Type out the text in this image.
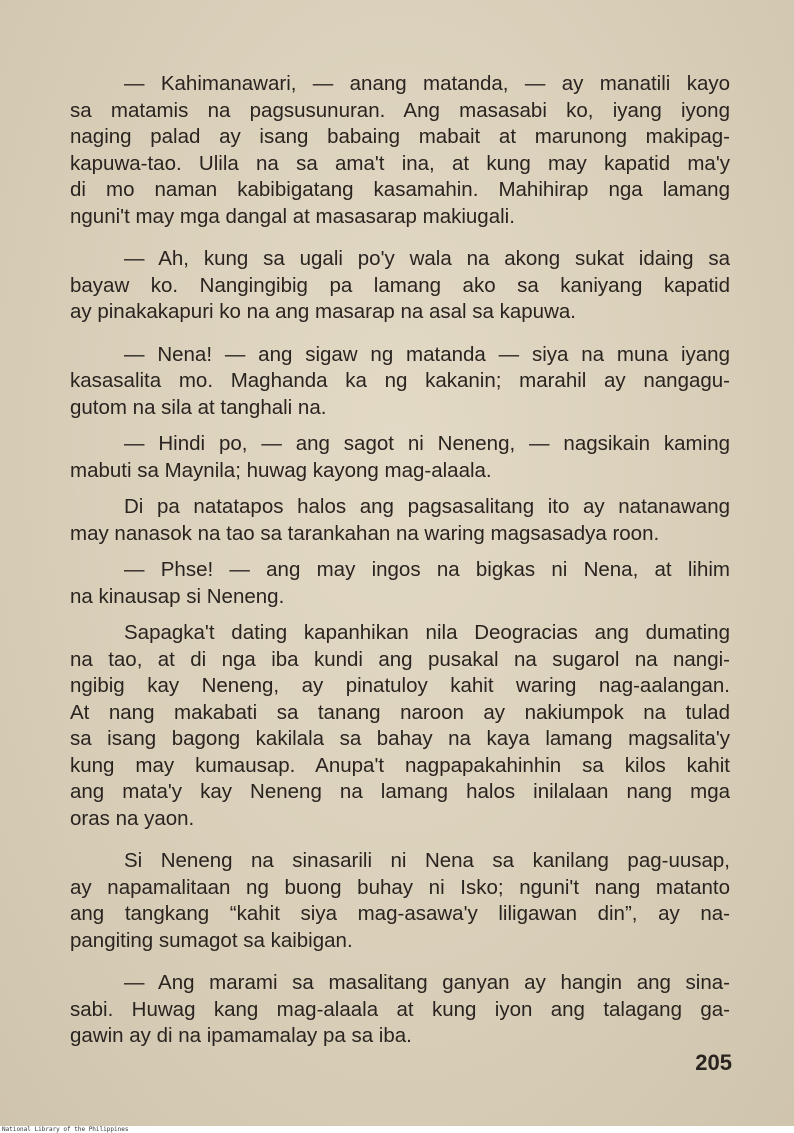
— Kahimanawari, — anang matanda, — ay manatili kayo
sa matamis na pagsusunuran. Ang masasabi ko, iyang iyong
naging palad ay isang babaing mabait at marunong makipag-
kapuwa-tao. Ulila na sa ama't ina, at kung may kapatid ma'y
di mo naman kabibigatang kasamahin. Mahihirap nga lamang
nguni't may mga dangal at masasarap makiugali.
— Ah, kung sa ugali po'y wala na akong sukat idaing sa
bayaw ko. Nangingibig pa lamang ako sa kaniyang kapatid
ay pinakakapuri ko na ang masarap na asal sa kapuwa.
— Nena! — ang sigaw ng matanda — siya na muna iyang
kasasalita mo. Maghanda ka ng kakanin; marahil ay nangagu-
gutom na sila at tanghali na.
— Hindi po, — ang sagot ni Neneng, — nagsikain kaming
mabuti sa Maynila; huwag kayong mag-alaala.
Di pa natatapos halos ang pagsasalitang ito ay natanawang
may nanasok na tao sa tarankahan na waring magsasadya roon.
— Phse! — ang may ingos na bigkas ni Nena, at lihim
na kinausap si Neneng.
Sapagka't dating kapanhikan nila Deogracias ang dumating
na tao, at di nga iba kundi ang pusakal na sugarol na nangi-
ngibig kay Neneng, ay pinatuloy kahit waring nag-aalangan.
At nang makabati sa tanang naroon ay nakiumpok na tulad
sa isang bagong kakilala sa bahay na kaya lamang magsalita'y
kung may kumausap. Anupa't nagpapakahinhin sa kilos kahit
ang mata'y kay Neneng na lamang halos inilalaan nang mga
oras na yaon.
Si Neneng na sinasarili ni Nena sa kanilang pag-uusap,
ay napamalitaan ng buong buhay ni Isko; nguni't nang matanto
ang tangkang “kahit siya mag-asawa'y liligawan din”, ay na-
pangiting sumagot sa kaibigan.
— Ang marami sa masalitang ganyan ay hangin ang sina-
sabi. Huwag kang mag-alaala at kung iyon ang talagang ga-
gawin ay di na ipamamalay pa sa iba.
205
National Library of the Philippines
